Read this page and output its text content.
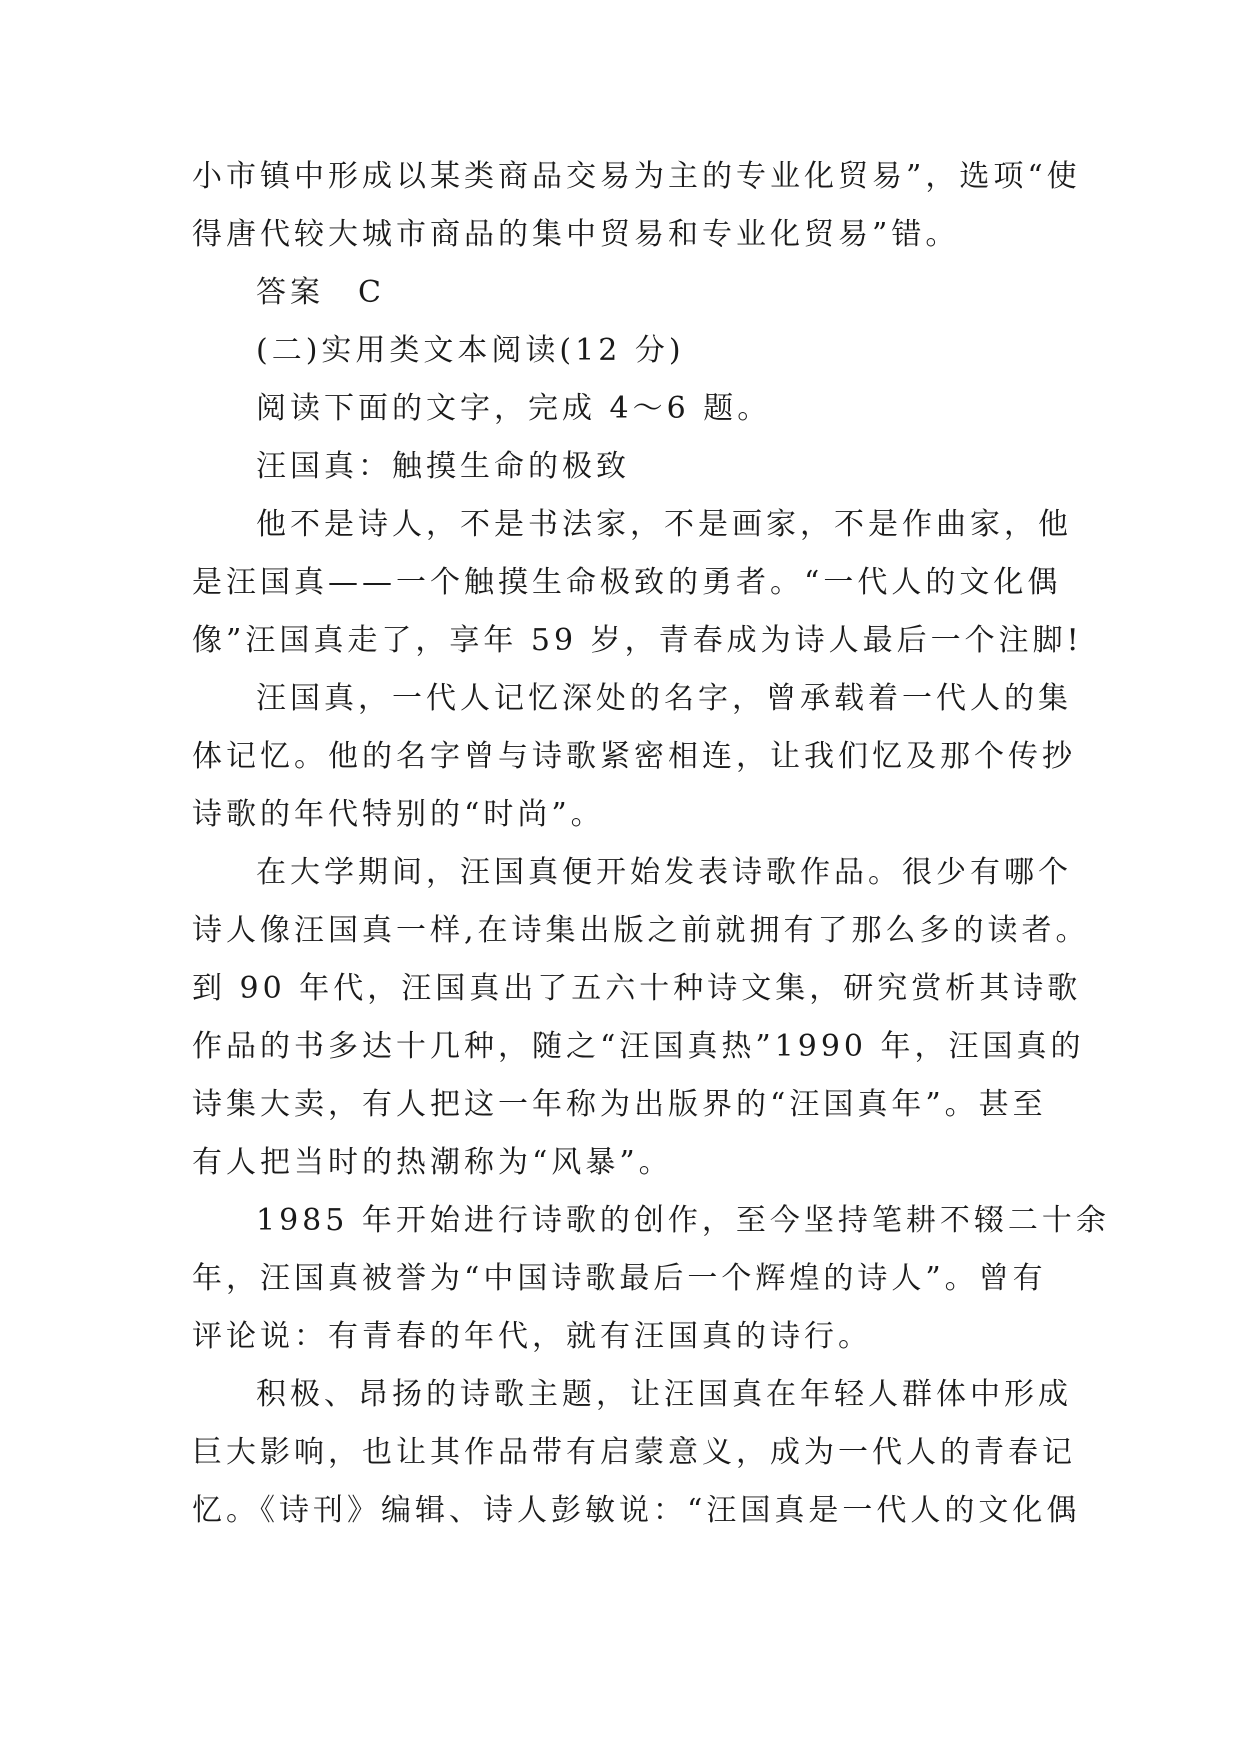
小市镇中形成以某类商品交易为主的专业化贸易”，选项“使
得唐代较大城市商品的集中贸易和专业化贸易”错。
答案　C
(二)实用类文本阅读(12 分)
阅读下面的文字，完成 4～6 题。
汪国真：触摸生命的极致
他不是诗人，不是书法家，不是画家，不是作曲家，他
是汪国真——一个触摸生命极致的勇者。“一代人的文化偶
像”汪国真走了，享年 59 岁，青春成为诗人最后一个注脚!
汪国真，一代人记忆深处的名字，曾承载着一代人的集
体记忆。他的名字曾与诗歌紧密相连，让我们忆及那个传抄
诗歌的年代特别的“时尚”。
在大学期间，汪国真便开始发表诗歌作品。很少有哪个
诗人像汪国真一样,在诗集出版之前就拥有了那么多的读者。
到 90 年代，汪国真出了五六十种诗文集，研究赏析其诗歌
作品的书多达十几种，随之“汪国真热”1990 年，汪国真的
诗集大卖，有人把这一年称为出版界的“汪国真年”。甚至
有人把当时的热潮称为“风暴”。
1985 年开始进行诗歌的创作，至今坚持笔耕不辍二十余
年，汪国真被誉为“中国诗歌最后一个辉煌的诗人”。曾有
评论说：有青春的年代，就有汪国真的诗行。
积极、昂扬的诗歌主题，让汪国真在年轻人群体中形成
巨大影响，也让其作品带有启蒙意义，成为一代人的青春记
忆。《诗刊》编辑、诗人彭敏说：“汪国真是一代人的文化偶
